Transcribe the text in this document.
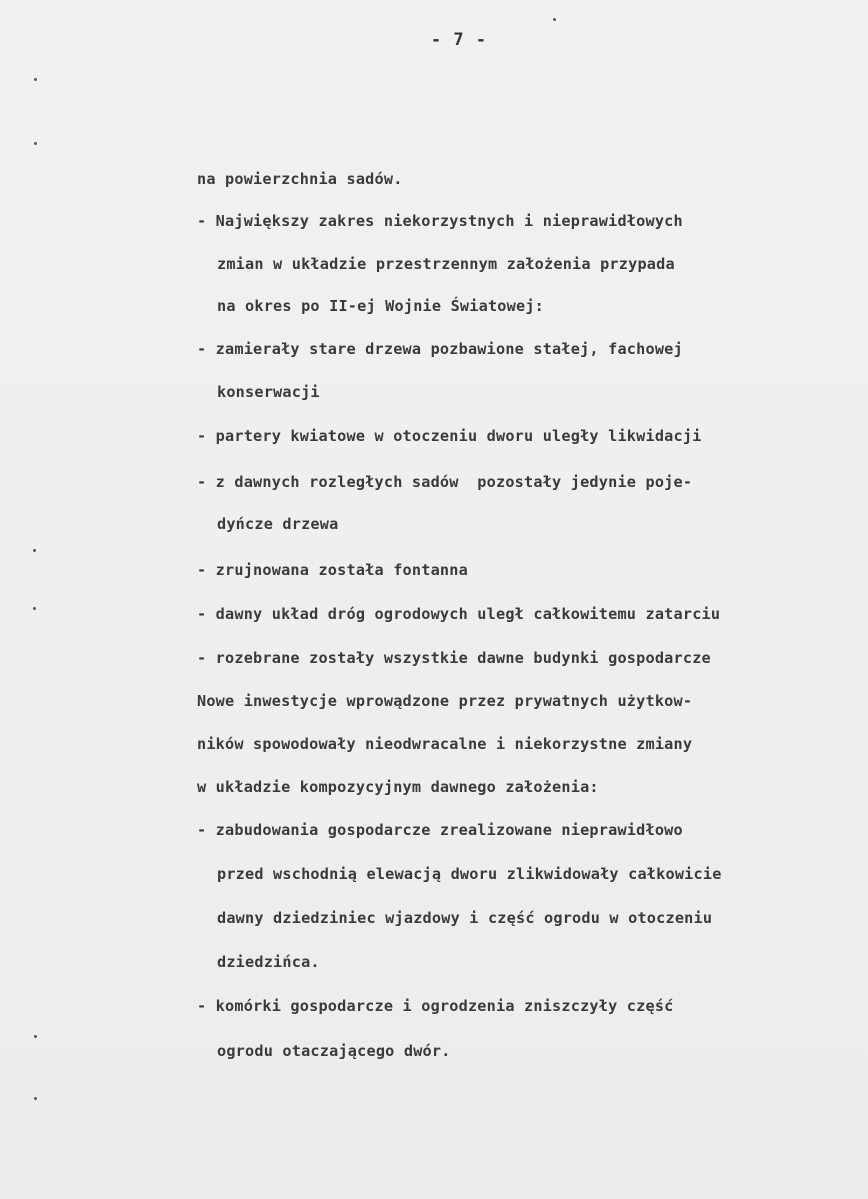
- 7 -
na powierzchnia sadów.
- Największy zakres niekorzystnych i nieprawidłowych
zmian w układzie przestrzennym założenia przypada
na okres po II-ej Wojnie Światowej:
- zamierały stare drzewa pozbawione stałej, fachowej
konserwacji
- partery kwiatowe w otoczeniu dworu uległy likwidacji
- z dawnych rozległych sadów  pozostały jedynie poje-
dyńcze drzewa
- zrujnowana została fontanna
- dawny układ dróg ogrodowych uległ całkowitemu zatarciu
- rozebrane zostały wszystkie dawne budynki gospodarcze
Nowe inwestycje wprowądzone przez prywatnych użytkow-
ników spowodowały nieodwracalne i niekorzystne zmiany
w układzie kompozycyjnym dawnego założenia:
- zabudowania gospodarcze zrealizowane nieprawidłowo
przed wschodnią elewacją dworu zlikwidowały całkowicie
dawny dziedziniec wjazdowy i część ogrodu w otoczeniu
dziedzińca.
- komórki gospodarcze i ogrodzenia zniszczyły część
ogrodu otaczającego dwór.
